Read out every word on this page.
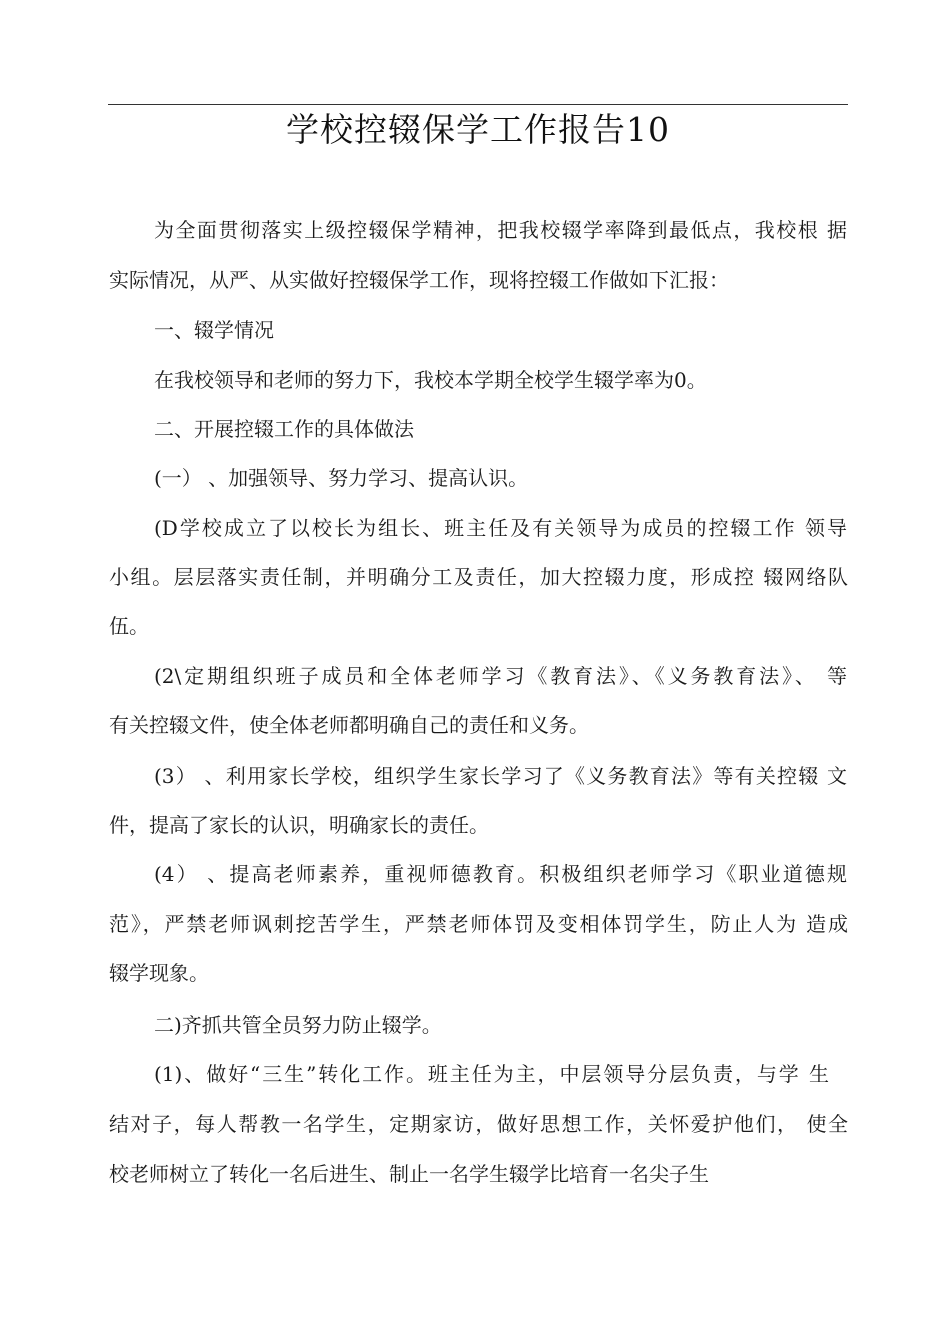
学校控辍保学工作报告10
为全面贯彻落实上级控辍保学精神，把我校辍学率降到最低点，我校根 据
实际情况，从严、从实做好控辍保学工作，现将控辍工作做如下汇报：
一、辍学情况
在我校领导和老师的努力下，我校本学期全校学生辍学率为0。
二、开展控辍工作的具体做法
(一） 、加强领导、努力学习、提高认识。
(D学校成立了以校长为组长、班主任及有关领导为成员的控辍工作 领导
小组。层层落实责任制，并明确分工及责任，加大控辍力度，形成控 辍网络队
伍。
(2\定期组织班子成员和全体老师学习《教育法》、《义务教育法》、 等
有关控辍文件，使全体老师都明确自己的责任和义务。
(3） 、利用家长学校，组织学生家长学习了《义务教育法》等有关控辍 文
件，提高了家长的认识，明确家长的责任。
(4） 、提高老师素养，重视师德教育。积极组织老师学习《职业道德规
范》，严禁老师讽刺挖苦学生，严禁老师体罚及变相体罚学生，防止人为 造成
辍学现象。
二)齐抓共管全员努力防止辍学。
(1)、做好“三生”转化工作。班主任为主，中层领导分层负责，与学 生
结对子，每人帮教一名学生，定期家访，做好思想工作，关怀爱护他们， 使全
校老师树立了转化一名后进生、制止一名学生辍学比培育一名尖子生
